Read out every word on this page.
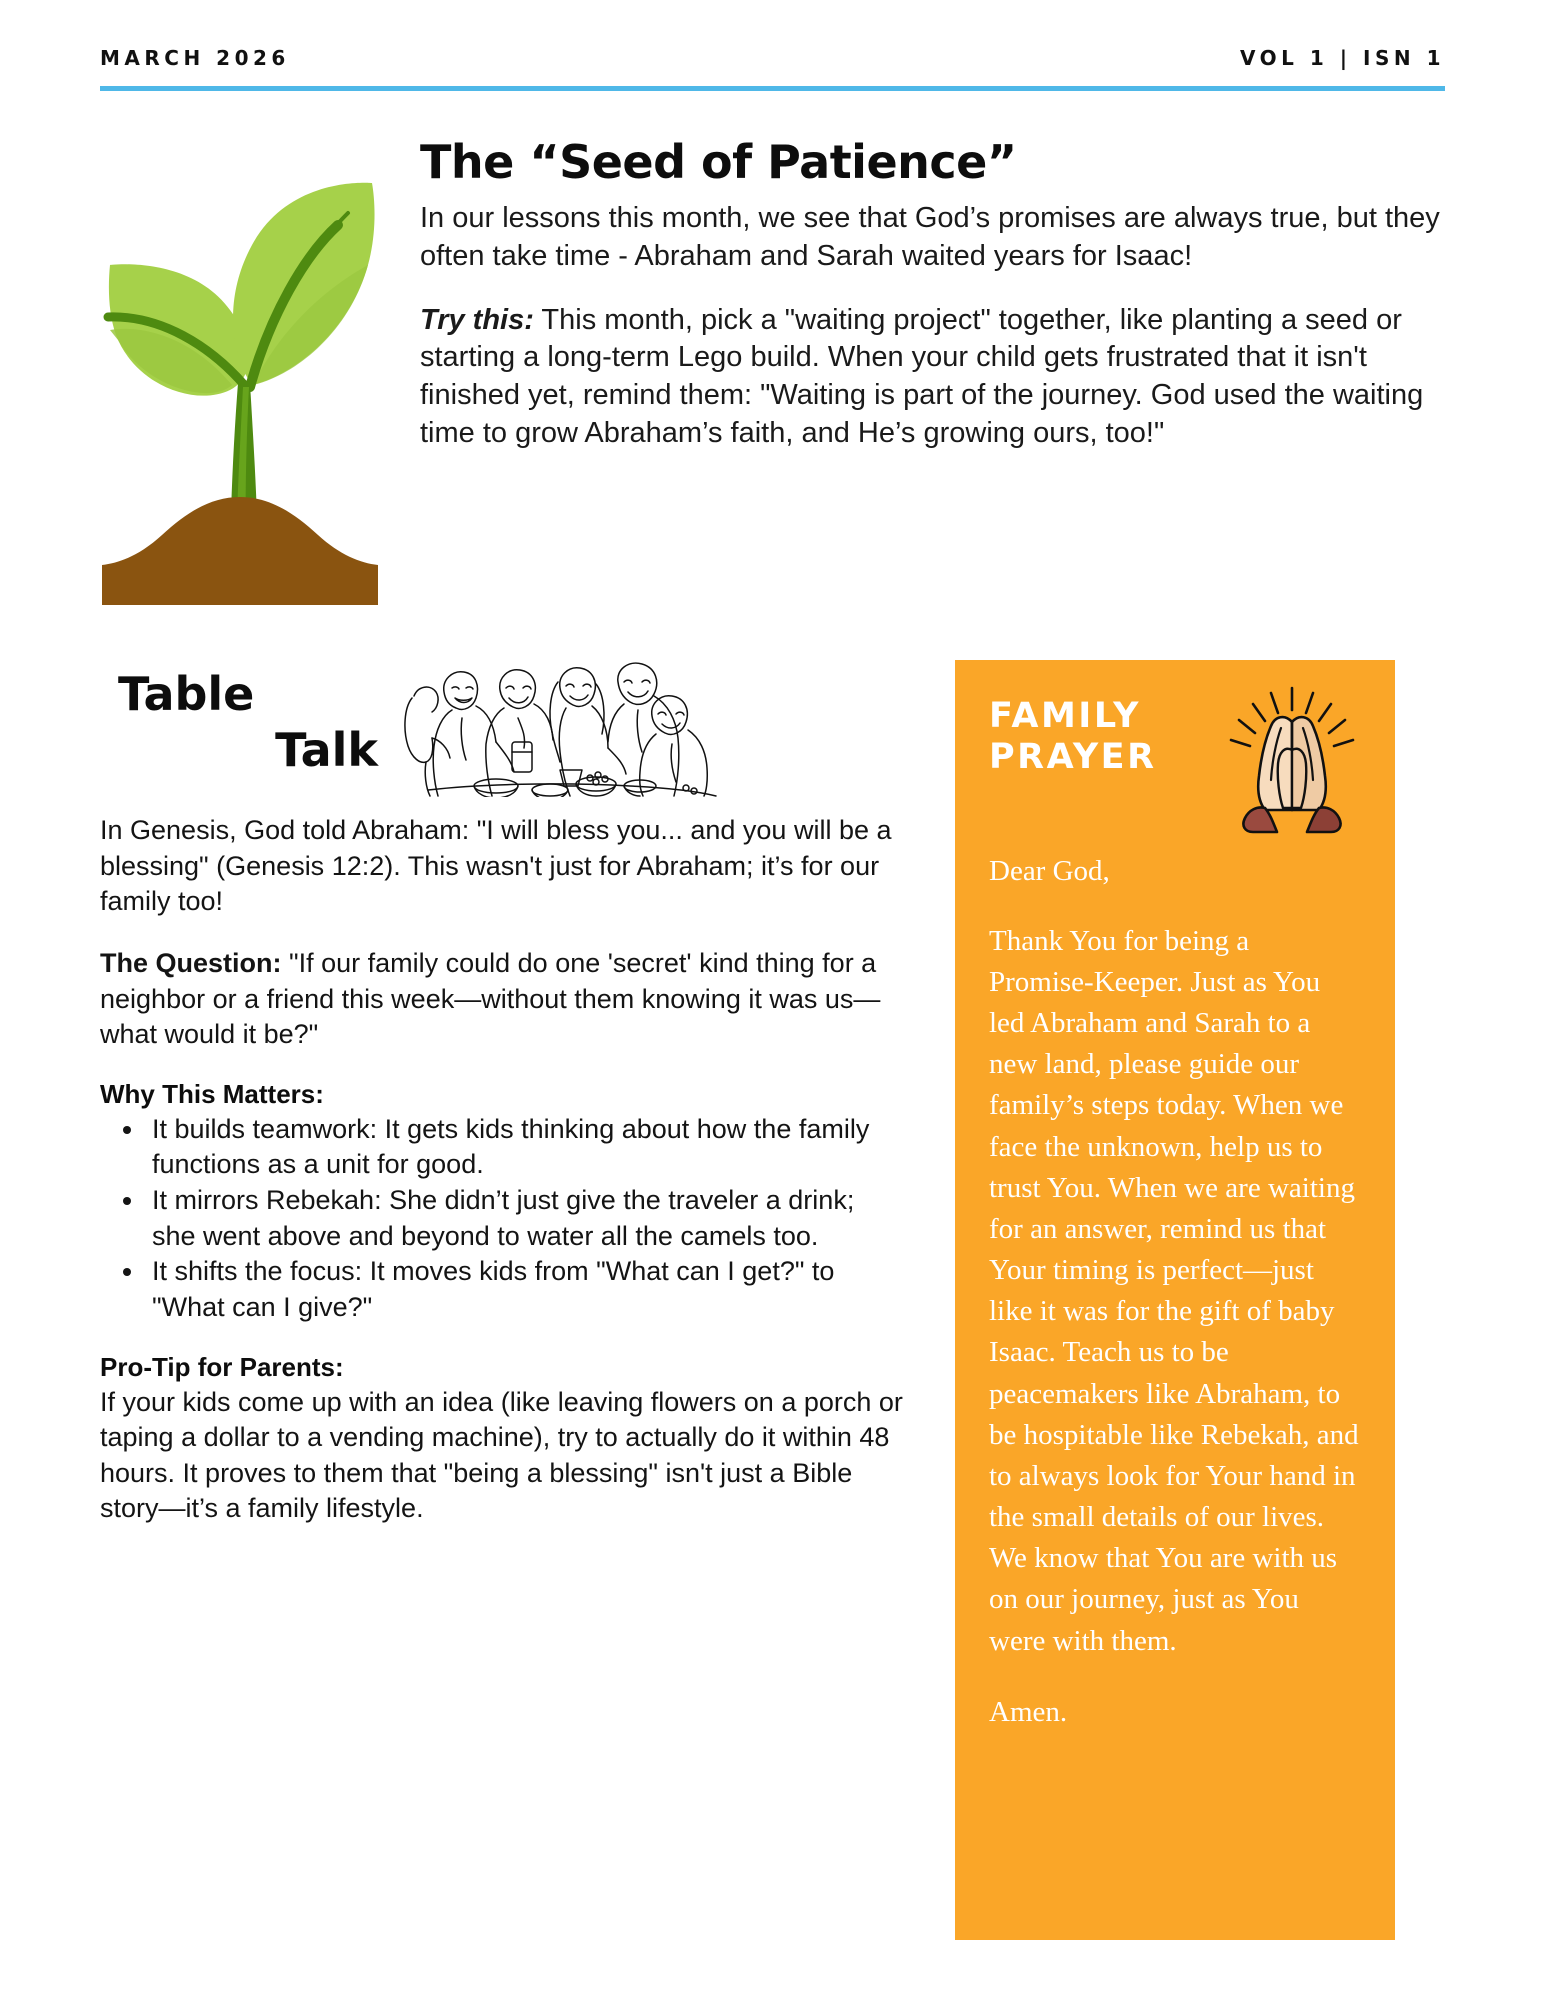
MARCH 2026	VOL 1 | ISN 1
The “Seed of Patience”

In our lessons this month, we see that God’s promises are always true, but they often take time - Abraham and Sarah waited years for Isaac!

Try this: This month, pick a "waiting project" together, like planting a seed or starting a long-term Lego build. When your child gets frustrated that it isn't finished yet, remind them: "Waiting is part of the journey. God used the waiting time to grow Abraham’s faith, and He’s growing ours, too!"

Table
Talk

In Genesis, God told Abraham: "I will bless you... and you will be a blessing" (Genesis 12:2). This wasn't just for Abraham; it’s for our family too!

The Question: "If our family could do one 'secret' kind thing for a neighbor or a friend this week—without them knowing it was us—what would it be?"

Why This Matters:
• It builds teamwork: It gets kids thinking about how the family functions as a unit for good.
• It mirrors Rebekah: She didn’t just give the traveler a drink; she went above and beyond to water all the camels too.
• It shifts the focus: It moves kids from "What can I get?" to "What can I give?"
Pro-Tip for Parents:

If your kids come up with an idea (like leaving flowers on a porch or taping a dollar to a vending machine), try to actually do it within 48 hours. It proves to them that "being a blessing" isn't just a Bible story—it’s a family lifestyle.

FAMILY
PRAYER

Dear God,

Thank You for being a Promise-Keeper. Just as You led Abraham and Sarah to a new land, please guide our family’s steps today. When we face the unknown, help us to trust You. When we are waiting for an answer, remind us that Your timing is perfect—just like it was for the gift of baby Isaac. Teach us to be peacemakers like Abraham, to be hospitable like Rebekah, and to always look for Your hand in the small details of our lives. We know that You are with us on our journey, just as You were with them.

Amen.
